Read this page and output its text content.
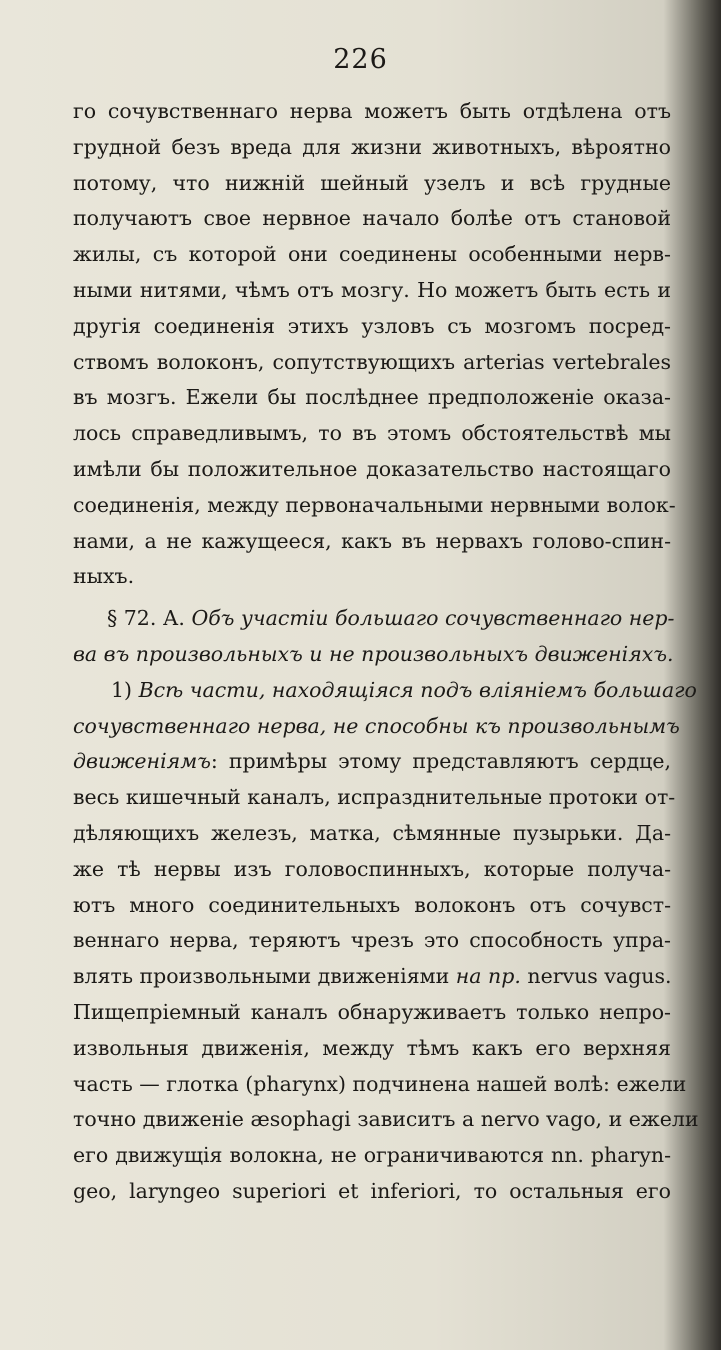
226
го сочувственнаго нерва можетъ быть отдѣлена отъ
грудной безъ вреда для жизни животныхъ, вѣроятно
потому, что нижній шейный узелъ и всѣ грудные
получаютъ свое нервное начало болѣе отъ становой
жилы, съ которой они соединены особенными нерв-
ными нитями, чѣмъ отъ мозгу. Но можетъ быть есть и
другія соединенія этихъ узловъ съ мозгомъ посред-
ствомъ волоконъ, сопутствующихъ arterias vertebrales
въ мозгъ. Ежели бы послѣднее предположеніе оказа-
лось справедливымъ, то въ этомъ обстоятельствѣ мы
имѣли бы положительное доказательство настоящаго
соединенія, между первоначальными нервными волок-
нами, а не кажущееся, какъ въ нервахъ голово-спин-
ныхъ.
§ 72. А. Объ участіи большаго сочувственнаго нер-
ва въ произвольныхъ и не произвольныхъ движеніяхъ.
1) Всѣ части, находящіяся подъ вліяніемъ большаго
сочувственнаго нерва, не способны къ произвольнымъ
движеніямъ: примѣры этому представляютъ сердце,
весь кишечный каналъ, испразднительные протоки от-
дѣляющихъ железъ, матка, сѣмянные пузырьки. Да-
же тѣ нервы изъ головоспинныхъ, которые получа-
ютъ много соединительныхъ волоконъ отъ сочувст-
веннаго нерва, теряютъ чрезъ это способность упра-
влять произвольными движеніями на пр. nervus vagus.
Пищепріемный каналъ обнаруживаетъ только непро-
извольныя движенія, между тѣмъ какъ его верхняя
часть — глотка (pharynx) подчинена нашей волѣ: ежели
точно движеніе æsophagi зависитъ а nervo vago, и ежели
его движущія волокна, не ограничиваются nn. pharyn-
geo, laryngeo superiori et inferiori, то остальныя его
